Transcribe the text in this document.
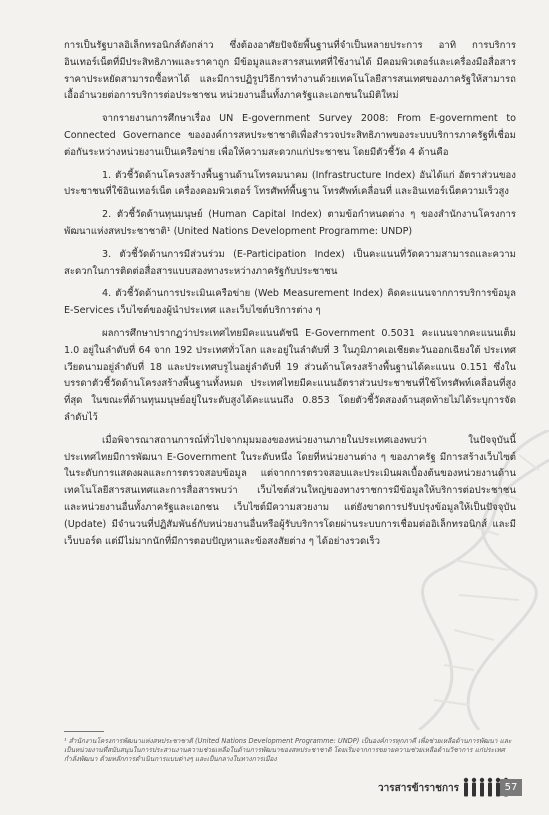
การเป็นรัฐบาลอิเล็กทรอนิกส์ดังกล่าว ซึ่งต้องอาศัยปัจจัยพื้นฐานที่จำเป็นหลายประการ อาทิ การบริการอินเทอร์เน็ตที่มีประสิทธิภาพและราคาถูก มีข้อมูลและสารสนเทศที่ใช้งานได้ มีคอมพิวเตอร์และเครื่องมือสื่อสารราคาประหยัดสามารถซื้อหาได้ และมีการปฏิรูปวิธีการทำงานด้วยเทคโนโลยีสารสนเทศของภาครัฐให้สามารถเอื้ออำนวยต่อการบริการต่อประชาชน หน่วยงานอื่นทั้งภาครัฐและเอกชนในมิติใหม่

จากรายงานการศึกษาเรื่อง UN E-government Survey 2008: From E-government to Connected Governance ขององค์การสหประชาชาติเพื่อสำรวจประสิทธิภาพของระบบบริการภาครัฐที่เชื่อมต่อกันระหว่างหน่วยงานเป็นเครือข่าย เพื่อให้ความสะดวกแก่ประชาชน โดยมีตัวชี้วัด 4 ด้านคือ

1. ตัวชี้วัดด้านโครงสร้างพื้นฐานด้านโทรคมนาคม (Infrastructure Index) อันได้แก่ อัตราส่วนของประชาชนที่ใช้อินเทอร์เน็ต เครื่องคอมพิวเตอร์ โทรศัพท์พื้นฐาน โทรศัพท์เคลื่อนที่ และอินเทอร์เน็ตความเร็วสูง

2. ตัวชี้วัดด้านทุนมนุษย์ (Human Capital Index) ตามข้อกำหนดต่าง ๆ ของสำนักงานโครงการพัฒนาแห่งสหประชาชาติ¹ (United Nations Development Programme: UNDP)

3. ตัวชี้วัดด้านการมีส่วนร่วม (E-Participation Index) เป็นคะแนนที่วัดความสามารถและความสะดวกในการติดต่อสื่อสารแบบสองทางระหว่างภาครัฐกับประชาชน

4. ตัวชี้วัดด้านการประเมินเครือข่าย (Web Measurement Index) คิดคะแนนจากการบริการข้อมูล E-Services เว็บไซต์ของผู้นำประเทศ และเว็บไซต์บริการต่าง ๆ

ผลการศึกษาปรากฏว่าประเทศไทยมีคะแนนดัชนี E-Government 0.5031 คะแนนจากคะแนนเต็ม 1.0 อยู่ในลำดับที่ 64 จาก 192 ประเทศทั่วโลก และอยู่ในลำดับที่ 3 ในภูมิภาคเอเชียตะวันออกเฉียงใต้ ประเทศเวียดนามอยู่ลำดับที่ 18 และประเทศบรูไนอยู่ลำดับที่ 19 ส่วนด้านโครงสร้างพื้นฐานได้คะแนน 0.151 ซึ่งในบรรดาตัวชี้วัดด้านโครงสร้างพื้นฐานทั้งหมด ประเทศไทยมีคะแนนอัตราส่วนประชาชนที่ใช้โทรศัพท์เคลื่อนที่สูงที่สุด ในขณะที่ด้านทุนมนุษย์อยู่ในระดับสูงได้คะแนนถึง 0.853 โดยตัวชี้วัดสองด้านสุดท้ายไม่ได้ระบุการจัดลำดับไว้

เมื่อพิจารณาสถานการณ์ทั่วไปจากมุมมองของหน่วยงานภายในประเทศเองพบว่า ในปัจจุบันนี้ประเทศไทยมีการพัฒนา E-Government ในระดับหนึ่ง โดยที่หน่วยงานต่าง ๆ ของภาครัฐ มีการสร้างเว็บไซต์ในระดับการแสดงผลและการตรวจสอบข้อมูล แต่จากการตรวจสอบและประเมินผลเบื้องต้นของหน่วยงานด้านเทคโนโลยีสารสนเทศและการสื่อสารพบว่า เว็บไซต์ส่วนใหญ่ของทางราชการมีข้อมูลให้บริการต่อประชาชนและหน่วยงานอื่นทั้งภาครัฐและเอกชน เว็บไซต์มีความสวยงาม แต่ยังขาดการปรับปรุงข้อมูลให้เป็นปัจจุบัน (Update) มีจำนวนที่ปฏิสัมพันธ์กับหน่วยงานอื่นหรือผู้รับบริการโดยผ่านระบบการเชื่อมต่ออิเล็กทรอนิกส์ และมีเว็บบอร์ด แต่มีไม่มากนักที่มีการตอบปัญหาและข้อสงสัยต่าง ๆ ได้อย่างรวดเร็ว

¹ สำนักงานโครงการพัฒนาแห่งสหประชาชาติ (United Nations Development Programme: UNDP) เป็นองค์การทุกภาคี เพื่อช่วยเหลือด้านการพัฒนา และเป็นหน่วยงานที่สนับสนุนในการประสานงานความช่วยเหลือในด้านการพัฒนาของสหประชาชาติ โดยเริ่มจากการขยายความช่วยเหลือด้านวิชาการ แก่ประเทศกำลังพัฒนา ด้วยหลักการดำเนินการแบบต่างๆ และเป็นกลางในทางการเมือง
วารสารข้าราชการ	57
